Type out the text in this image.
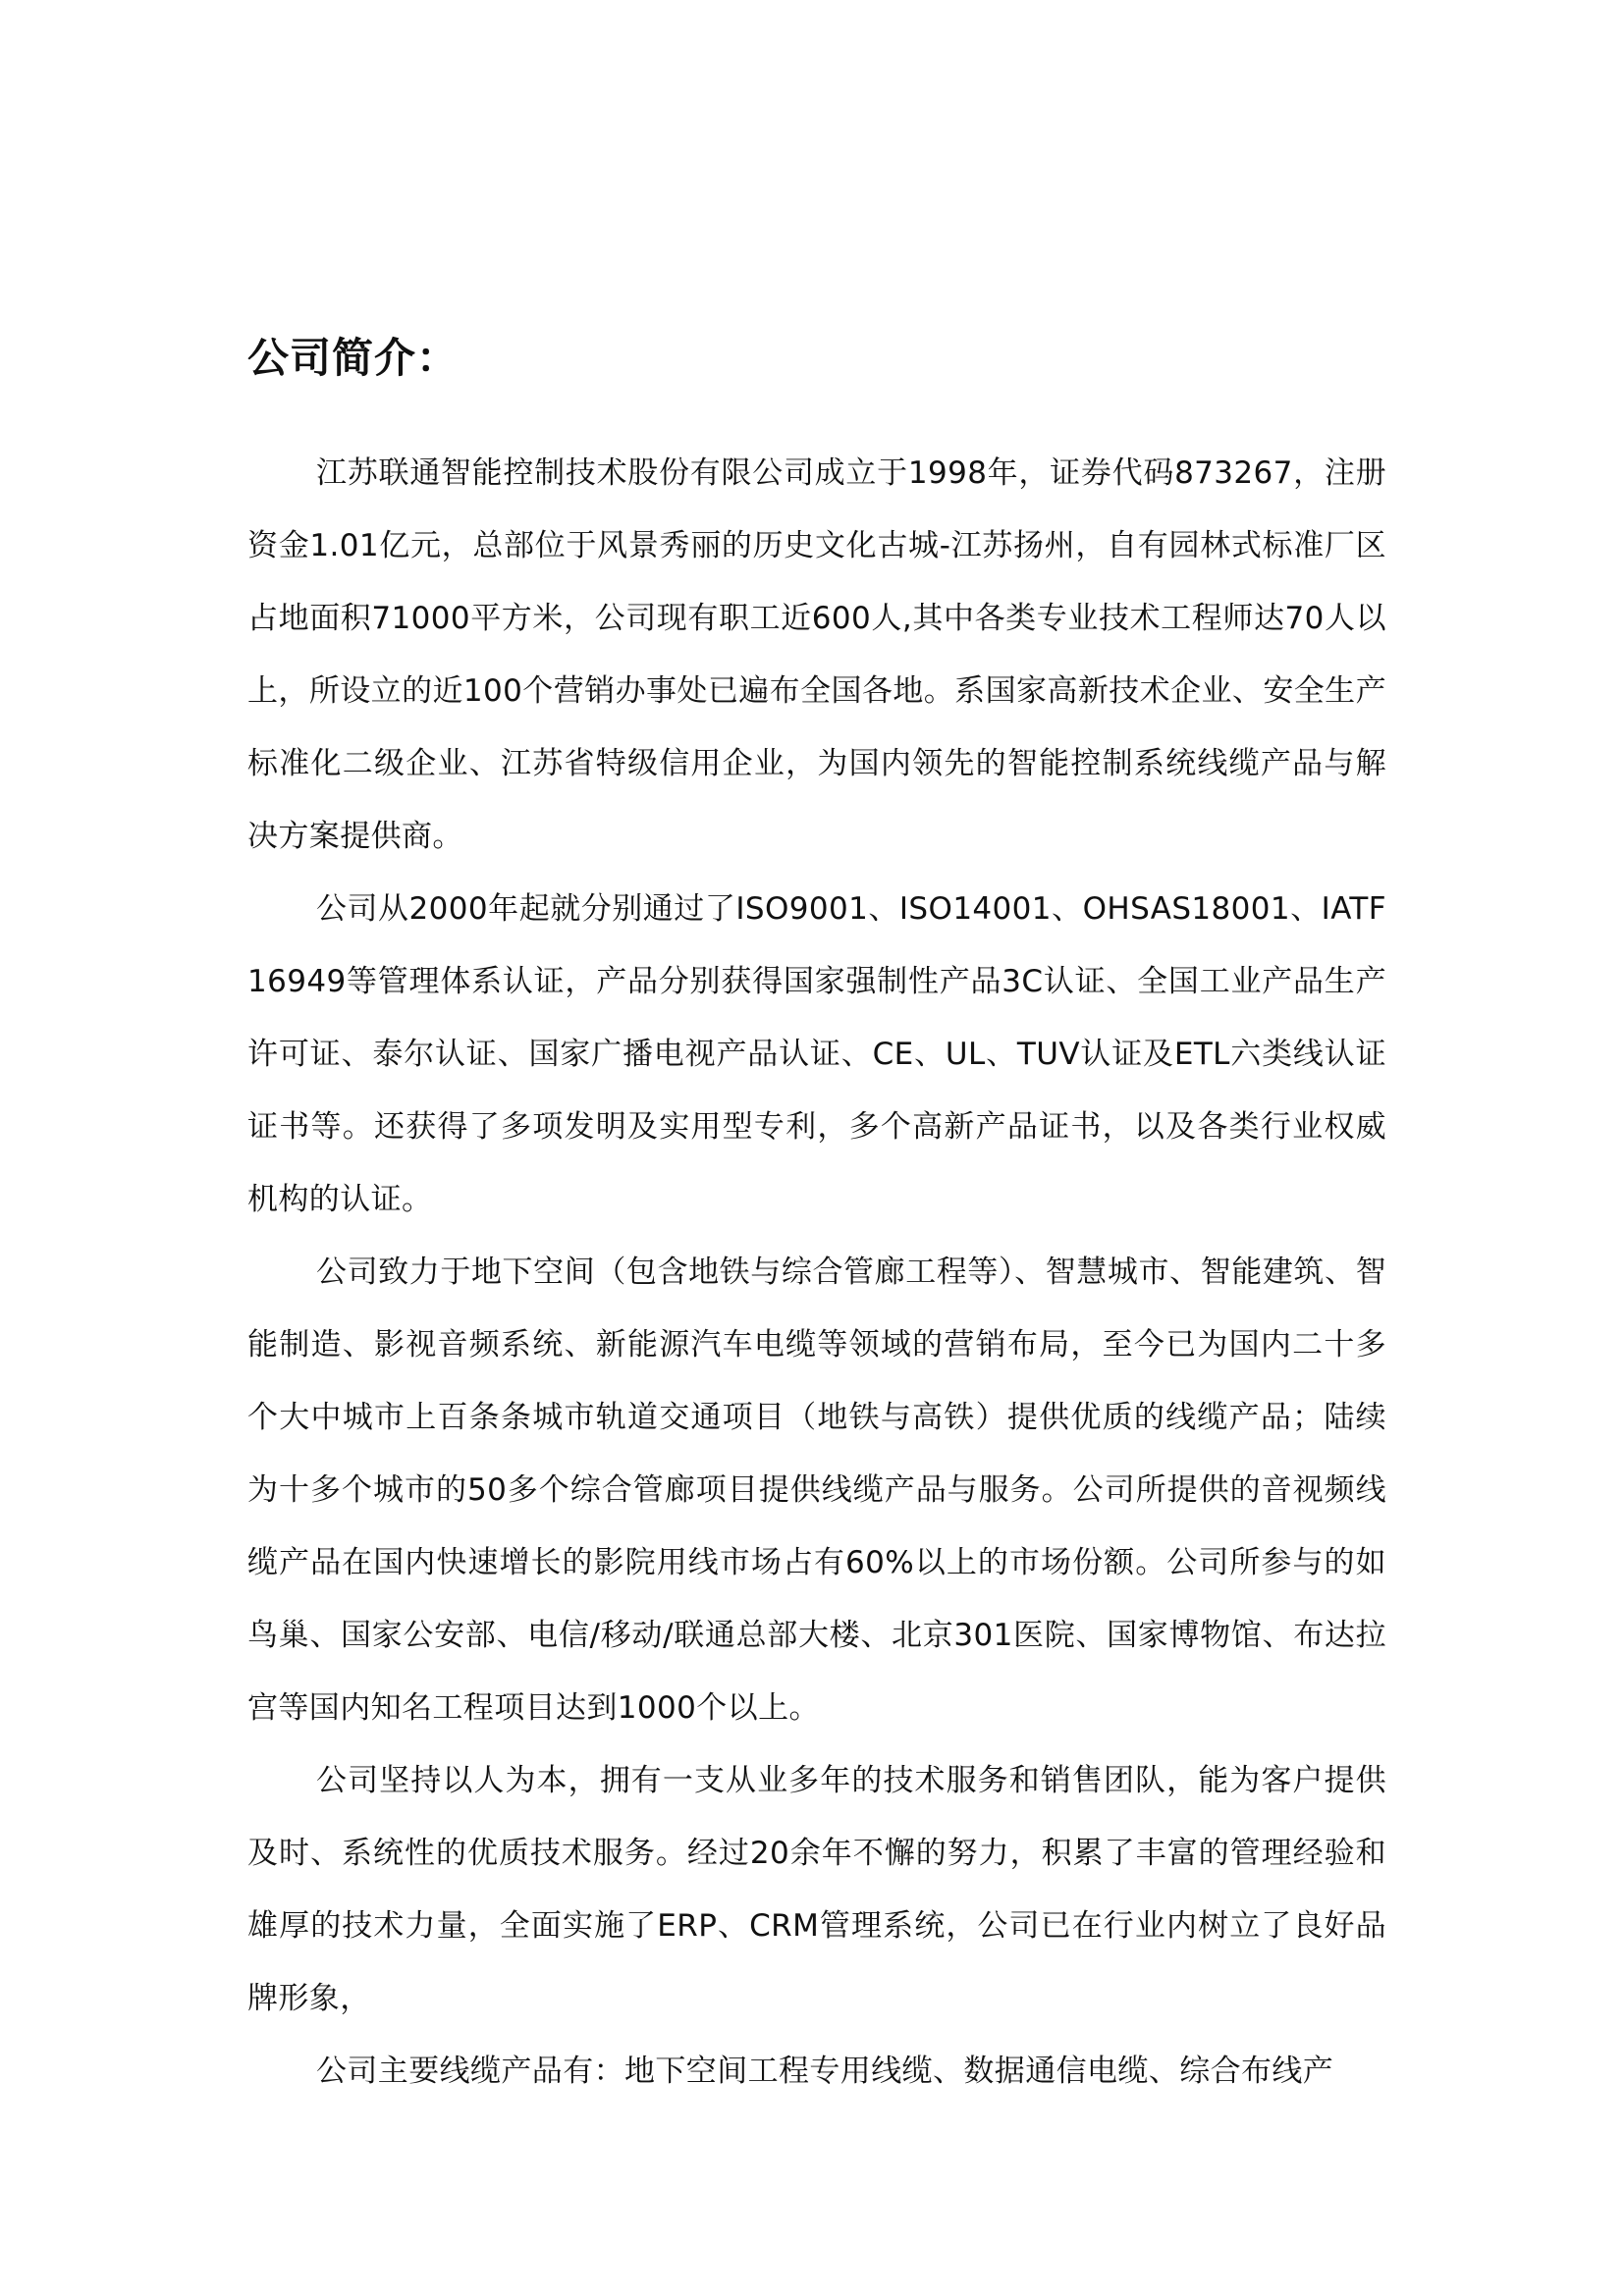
公司简介：

江苏联通智能控制技术股份有限公司成立于1998年，证券代码873267，注册资金1.01亿元，总部位于风景秀丽的历史文化古城-江苏扬州，自有园林式标准厂区占地面积71000平方米，公司现有职工近600人,其中各类专业技术工程师达70人以上，所设立的近100个营销办事处已遍布全国各地。系国家高新技术企业、安全生产标准化二级企业、江苏省特级信用企业，为国内领先的智能控制系统线缆产品与解决方案提供商。

公司从2000年起就分别通过了ISO9001、ISO14001、OHSAS18001、IATF16949等管理体系认证，产品分别获得国家强制性产品3C认证、全国工业产品生产许可证、泰尔认证、国家广播电视产品认证、CE、UL、TUV认证及ETL六类线认证证书等。还获得了多项发明及实用型专利，多个高新产品证书，以及各类行业权威机构的认证。

公司致力于地下空间（包含地铁与综合管廊工程等）、智慧城市、智能建筑、智能制造、影视音频系统、新能源汽车电缆等领域的营销布局，至今已为国内二十多个大中城市上百条条城市轨道交通项目（地铁与高铁）提供优质的线缆产品；陆续为十多个城市的50多个综合管廊项目提供线缆产品与服务。公司所提供的音视频线缆产品在国内快速增长的影院用线市场占有60%以上的市场份额。公司所参与的如鸟巢、国家公安部、电信/移动/联通总部大楼、北京301医院、国家博物馆、布达拉宫等国内知名工程项目达到1000个以上。

公司坚持以人为本，拥有一支从业多年的技术服务和销售团队，能为客户提供及时、系统性的优质技术服务。经过20余年不懈的努力，积累了丰富的管理经验和雄厚的技术力量，全面实施了ERP、CRM管理系统，公司已在行业内树立了良好品牌形象，

公司主要线缆产品有：地下空间工程专用线缆、数据通信电缆、综合布线产
